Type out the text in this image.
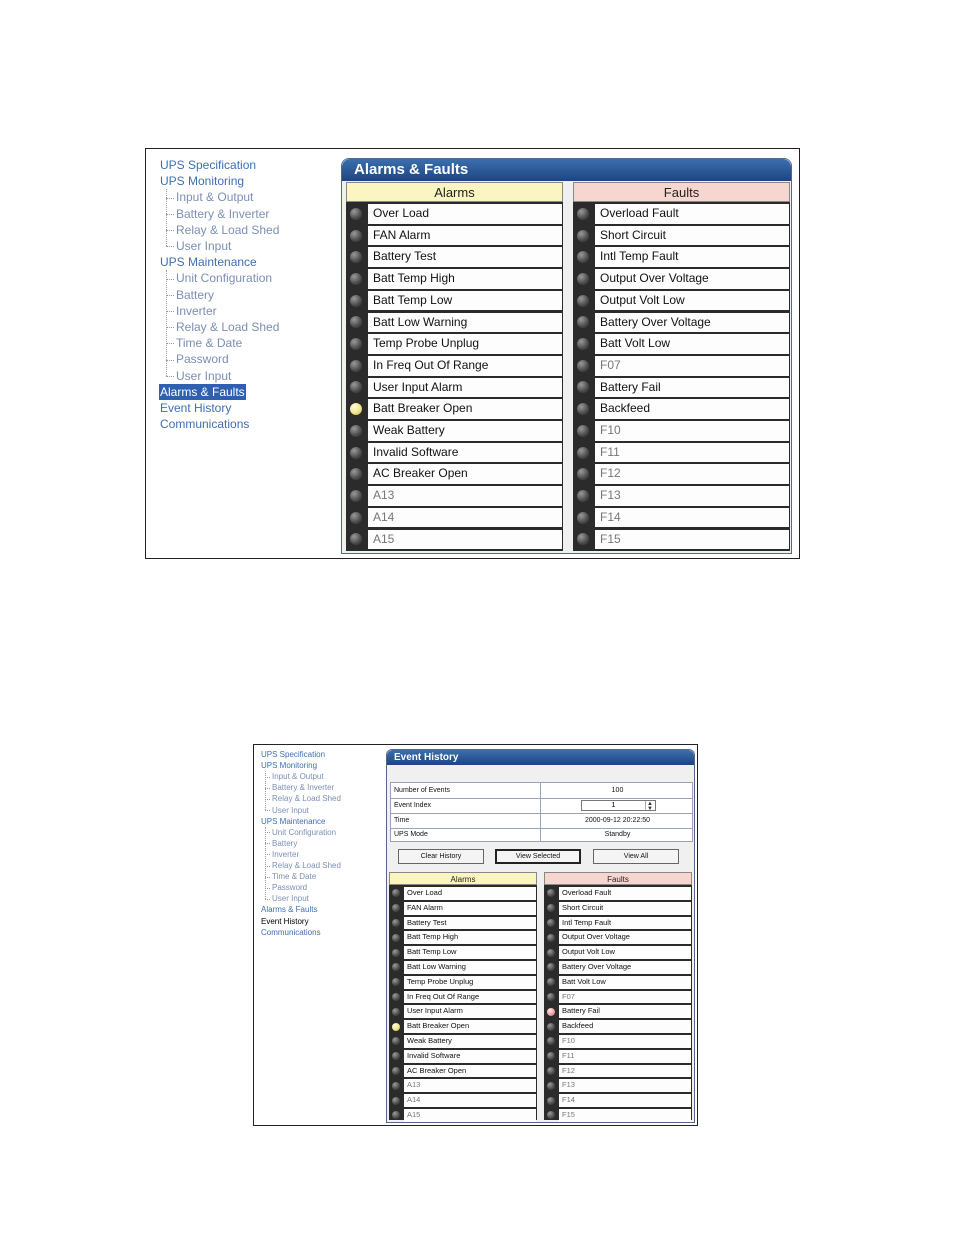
UPS Specification
UPS Monitoring
Input & Output
Battery & Inverter
Relay & Load Shed
User Input
UPS Maintenance
Unit Configuration
Battery
Inverter
Relay & Load Shed
Time & Date
Password
User Input
Alarms & Faults
Event History
Communications
Alarms & Faults
Alarms
Over Load
FAN Alarm
Battery Test
Batt Temp High
Batt Temp Low
Batt Low Warning
Temp Probe Unplug
In Freq Out Of Range
User Input Alarm
Batt Breaker Open
Weak Battery
Invalid Software
AC Breaker Open
A13
A14
A15
Faults
Overload Fault
Short Circuit
Intl Temp Fault
Output Over Voltage
Output Volt Low
Battery Over Voltage
Batt Volt Low
F07
Battery Fail
Backfeed
F10
F11
F12
F13
F14
F15
UPS Specification
UPS Monitoring
Input & Output
Battery & Inverter
Relay & Load Shed
User Input
UPS Maintenance
Unit Configuration
Battery
Inverter
Relay & Load Shed
Time & Date
Password
User Input
Alarms & Faults
Event History
Communications
Event History
Number of Events	100
Event Index	1	▲
▼
Time	2000-09-12 20:22:50
UPS Mode	Standby
Clear History	View Selected	View All
Alarms
Over Load
FAN Alarm
Battery Test
Batt Temp High
Batt Temp Low
Batt Low Warning
Temp Probe Unplug
In Freq Out Of Range
User Input Alarm
Batt Breaker Open
Weak Battery
Invalid Software
AC Breaker Open
A13
A14
A15
Faults
Overload Fault
Short Circuit
Intl Temp Fault
Output Over Voltage
Output Volt Low
Battery Over Voltage
Batt Volt Low
F07
Battery Fail
Backfeed
F10
F11
F12
F13
F14
F15
